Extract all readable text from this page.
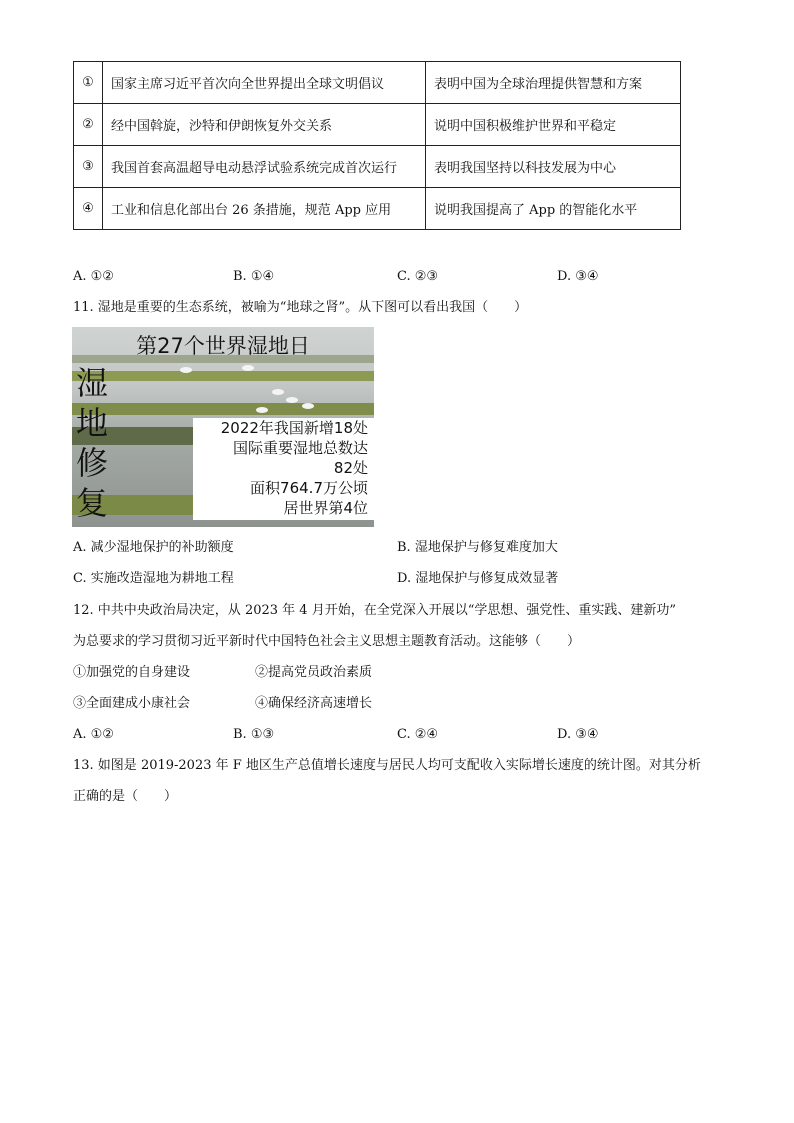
①	国家主席习近平首次向全世界提出全球文明倡议	表明中国为全球治理提供智慧和方案
②	经中国斡旋，沙特和伊朗恢复外交关系	说明中国积极维护世界和平稳定
③	我国首套高温超导电动悬浮试验系统完成首次运行	表明我国坚持以科技发展为中心
④	工业和信息化部出台 26 条措施，规范 App 应用	说明我国提高了 App 的智能化水平
A. ①②	B. ①④	C. ②③	D. ③④
11. 湿地是重要的生态系统，被喻为“地球之肾”。从下图可以看出我国（　　）
第27个世界湿地日
湿
地
修
复
2022年我国新增18处
国际重要湿地总数达
82处
面积764.7万公顷
居世界第4位
A. 减少湿地保护的补助额度	B. 湿地保护与修复难度加大
C. 实施改造湿地为耕地工程	D. 湿地保护与修复成效显著
12. 中共中央政治局决定，从 2023 年 4 月开始，在全党深入开展以“学思想、强党性、重实践、建新功”
为总要求的学习贯彻习近平新时代中国特色社会主义思想主题教育活动。这能够（　　）
①加强党的自身建设	②提高党员政治素质
③全面建成小康社会	④确保经济高速增长
A. ①②	B. ①③	C. ②④	D. ③④
13. 如图是 2019-2023 年 F 地区生产总值增长速度与居民人均可支配收入实际增长速度的统计图。对其分析
正确的是（　　）
